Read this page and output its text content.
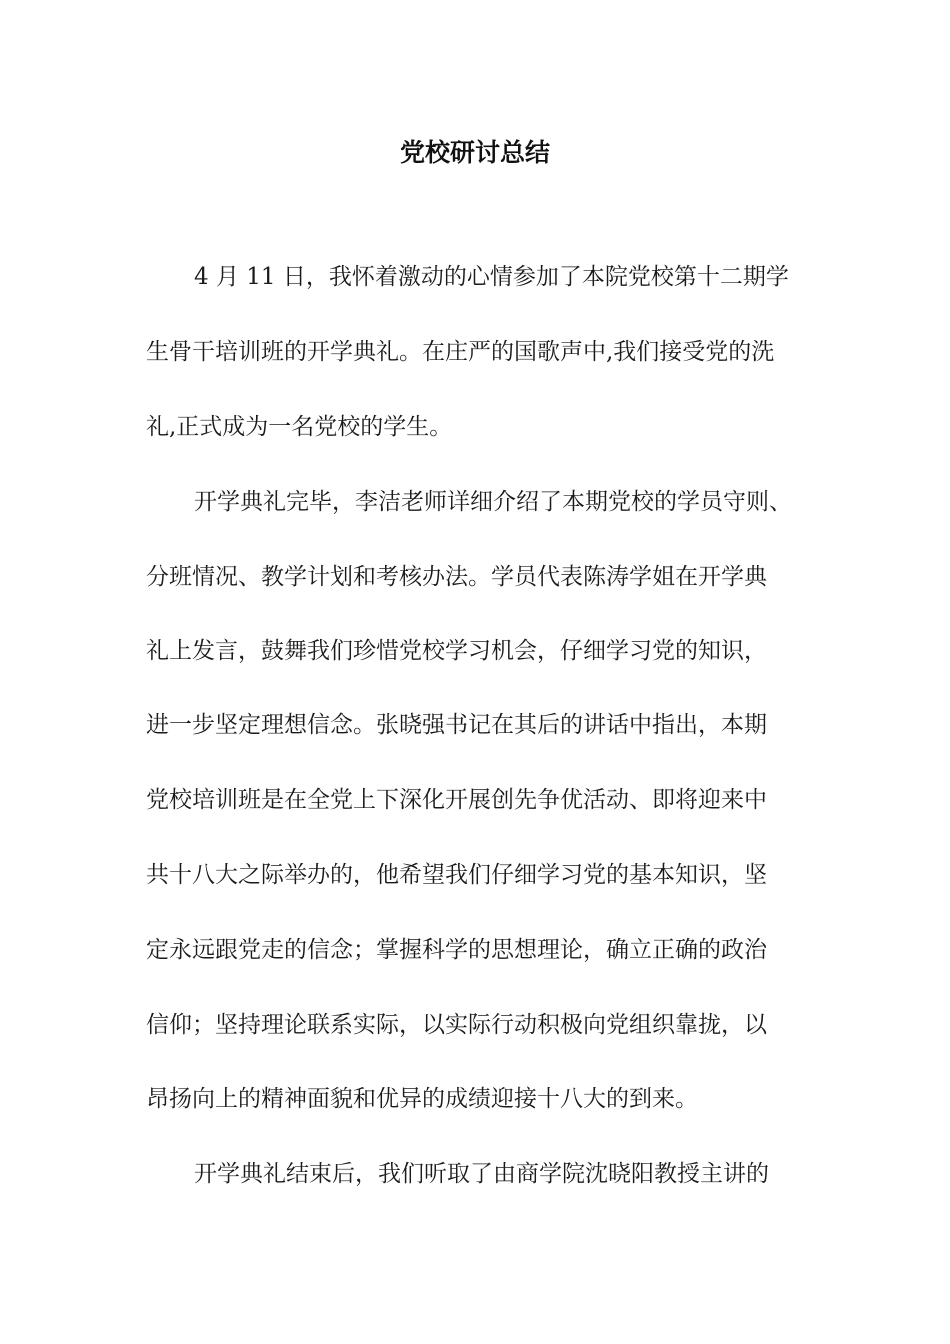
党校研讨总结
4 月 11 日，我怀着激动的心情参加了本院党校第十二期学
生骨干培训班的开学典礼。在庄严的国歌声中,我们接受党的洗
礼,正式成为一名党校的学生。
开学典礼完毕，李洁老师详细介绍了本期党校的学员守则、
分班情况、教学计划和考核办法。学员代表陈涛学姐在开学典
礼上发言，鼓舞我们珍惜党校学习机会，仔细学习党的知识，
进一步坚定理想信念。张晓强书记在其后的讲话中指出，本期
党校培训班是在全党上下深化开展创先争优活动、即将迎来中
共十八大之际举办的，他希望我们仔细学习党的基本知识，坚
定永远跟党走的信念；掌握科学的思想理论，确立正确的政治
信仰；坚持理论联系实际，以实际行动积极向党组织靠拢，以
昂扬向上的精神面貌和优异的成绩迎接十八大的到来。
开学典礼结束后，我们听取了由商学院沈晓阳教授主讲的
